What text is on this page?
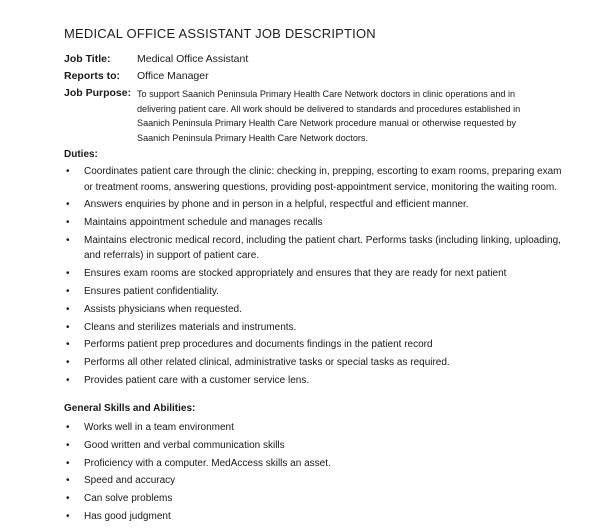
MEDICAL OFFICE ASSISTANT JOB DESCRIPTION
Job Title:	Medical Office Assistant
Reports to: Office Manager
Job Purpose: To support Saanich Peninsula Primary Health Care Network doctors in clinic operations and in
delivering patient care. All work should be delivered to standards and procedures established in
Saanich Peninsula Primary Health Care Network procedure manual or otherwise requested by
Saanich Peninsula Primary Health Care Network doctors.
Duties:
• Coordinates patient care through the clinic: checking in, prepping, escorting to exam rooms, preparing exam
or treatment rooms, answering questions, providing post-appointment service, monitoring the waiting room.
• Answers enquiries by phone and in person in a helpful, respectful and efficient manner.
• Maintains appointment schedule and manages recalls
• Maintains electronic medical record, including the patient chart. Performs tasks (including linking, uploading,
and referrals) in support of patient care.
• Ensures exam rooms are stocked appropriately and ensures that they are ready for next patient
• Ensures patient confidentiality.
• Assists physicians when requested.
• Cleans and sterilizes materials and instruments.
• Performs patient prep procedures and documents findings in the patient record
• Performs all other related clinical, administrative tasks or special tasks as required.
• Provides patient care with a customer service lens.
General Skills and Abilities:
• Works well in a team environment
• Good written and verbal communication skills
• Proficiency with a computer. MedAccess skills an asset.
• Speed and accuracy
• Can solve problems
• Has good judgment
